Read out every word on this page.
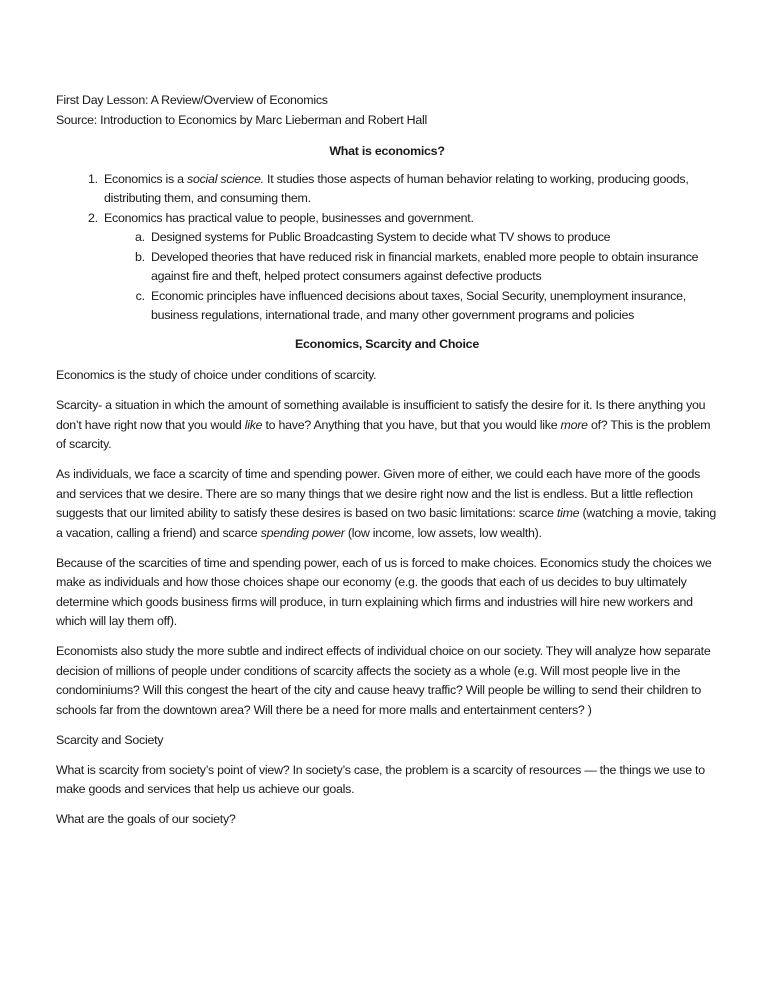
First Day Lesson: A Review/Overview of Economics
Source: Introduction to Economics by Marc Lieberman and Robert Hall
What is economics?
1. Economics is a social science. It studies those aspects of human behavior relating to working, producing goods, distributing them, and consuming them.
2. Economics has practical value to people, businesses and government.
a. Designed systems for Public Broadcasting System to decide what TV shows to produce
b. Developed theories that have reduced risk in financial markets, enabled more people to obtain insurance against fire and theft, helped protect consumers against defective products
c. Economic principles have influenced decisions about taxes, Social Security, unemployment insurance, business regulations, international trade, and many other government programs and policies
Economics, Scarcity and Choice

Economics is the study of choice under conditions of scarcity.

Scarcity- a situation in which the amount of something available is insufficient to satisfy the desire for it. Is there anything you don’t have right now that you would like to have? Anything that you have, but that you would like more of? This is the problem of scarcity.

As individuals, we face a scarcity of time and spending power. Given more of either, we could each have more of the goods and services that we desire. There are so many things that we desire right now and the list is endless. But a little reflection suggests that our limited ability to satisfy these desires is based on two basic limitations: scarce time (watching a movie, taking a vacation, calling a friend) and scarce spending power (low income, low assets, low wealth).

Because of the scarcities of time and spending power, each of us is forced to make choices. Economics study the choices we make as individuals and how those choices shape our economy (e.g. the goods that each of us decides to buy ultimately determine which goods business firms will produce, in turn explaining which firms and industries will hire new workers and which will lay them off).

Economists also study the more subtle and indirect effects of individual choice on our society. They will analyze how separate decision of millions of people under conditions of scarcity affects the society as a whole (e.g. Will most people live in the condominiums? Will this congest the heart of the city and cause heavy traffic? Will people be willing to send their children to schools far from the downtown area? Will there be a need for more malls and entertainment centers? )

Scarcity and Society

What is scarcity from society’s point of view? In society’s case, the problem is a scarcity of resources — the things we use to make goods and services that help us achieve our goals.

What are the goals of our society?
